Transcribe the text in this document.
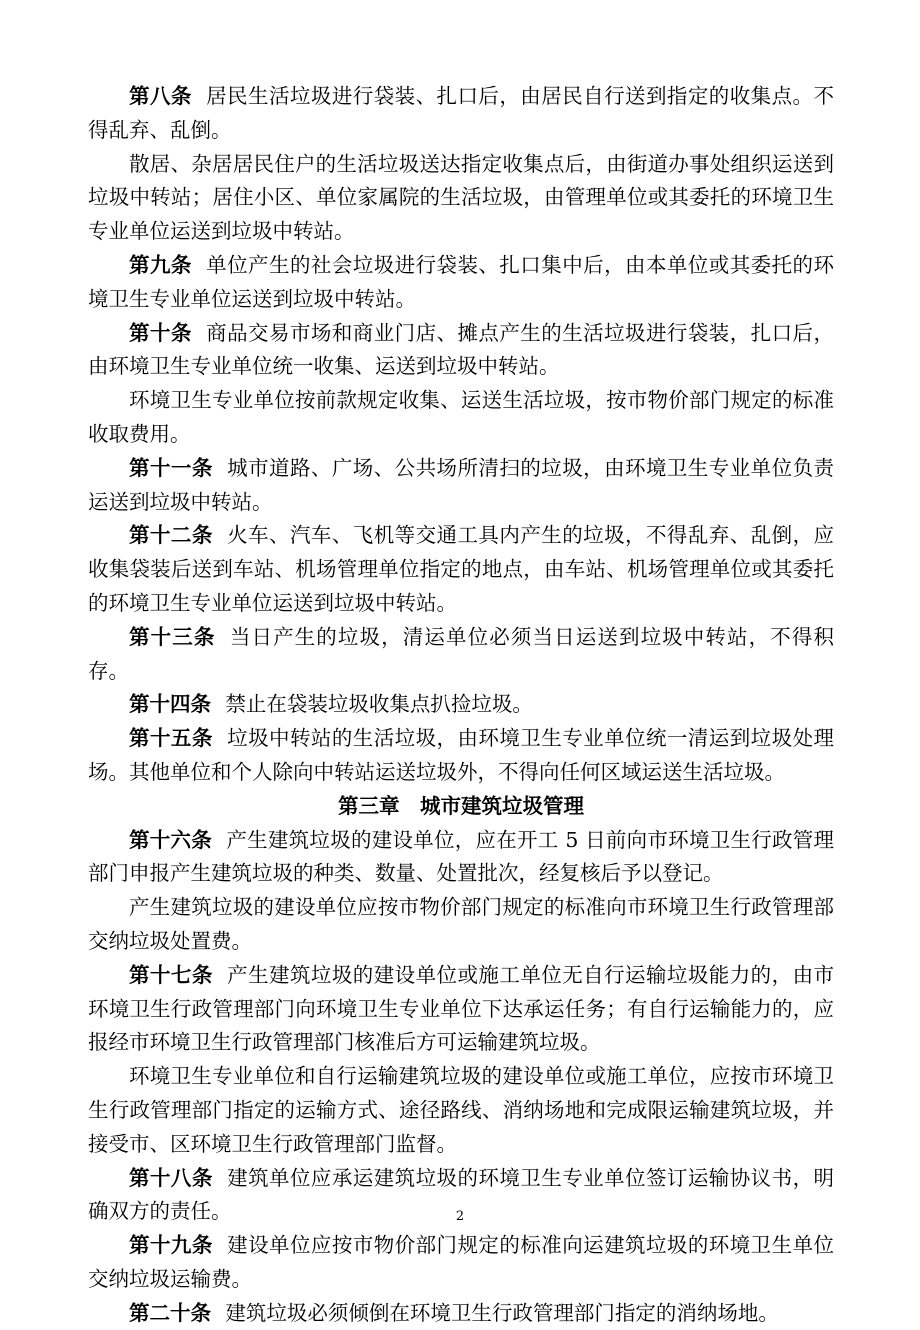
第八条 居民生活垃圾进行袋装、扎口后，由居民自行送到指定的收集点。不得乱弃、乱倒。

散居、杂居居民住户的生活垃圾送达指定收集点后，由街道办事处组织运送到垃圾中转站；居住小区、单位家属院的生活垃圾，由管理单位或其委托的环境卫生专业单位运送到垃圾中转站。

第九条 单位产生的社会垃圾进行袋装、扎口集中后，由本单位或其委托的环境卫生专业单位运送到垃圾中转站。

第十条 商品交易市场和商业门店、摊点产生的生活垃圾进行袋装，扎口后，由环境卫生专业单位统一收集、运送到垃圾中转站。

环境卫生专业单位按前款规定收集、运送生活垃圾，按市物价部门规定的标准收取费用。

第十一条 城市道路、广场、公共场所清扫的垃圾，由环境卫生专业单位负责运送到垃圾中转站。

第十二条 火车、汽车、飞机等交通工具内产生的垃圾，不得乱弃、乱倒，应收集袋装后送到车站、机场管理单位指定的地点，由车站、机场管理单位或其委托的环境卫生专业单位运送到垃圾中转站。

第十三条 当日产生的垃圾，清运单位必须当日运送到垃圾中转站，不得积存。

第十四条 禁止在袋装垃圾收集点扒捡垃圾。

第十五条 垃圾中转站的生活垃圾，由环境卫生专业单位统一清运到垃圾处理场。其他单位和个人除向中转站运送垃圾外，不得向任何区域运送生活垃圾。

第三章　城市建筑垃圾管理

第十六条 产生建筑垃圾的建设单位，应在开工 5 日前向市环境卫生行政管理部门申报产生建筑垃圾的种类、数量、处置批次，经复核后予以登记。

产生建筑垃圾的建设单位应按市物价部门规定的标准向市环境卫生行政管理部交纳垃圾处置费。

第十七条 产生建筑垃圾的建设单位或施工单位无自行运输垃圾能力的，由市环境卫生行政管理部门向环境卫生专业单位下达承运任务；有自行运输能力的，应报经市环境卫生行政管理部门核准后方可运输建筑垃圾。

环境卫生专业单位和自行运输建筑垃圾的建设单位或施工单位，应按市环境卫生行政管理部门指定的运输方式、途径路线、消纳场地和完成限运输建筑垃圾，并接受市、区环境卫生行政管理部门监督。

第十八条 建筑单位应承运建筑垃圾的环境卫生专业单位签订运输协议书，明确双方的责任。

第十九条 建设单位应按市物价部门规定的标准向运建筑垃圾的环境卫生单位交纳垃圾运输费。

第二十条 建筑垃圾必须倾倒在环境卫生行政管理部门指定的消纳场地。

2
